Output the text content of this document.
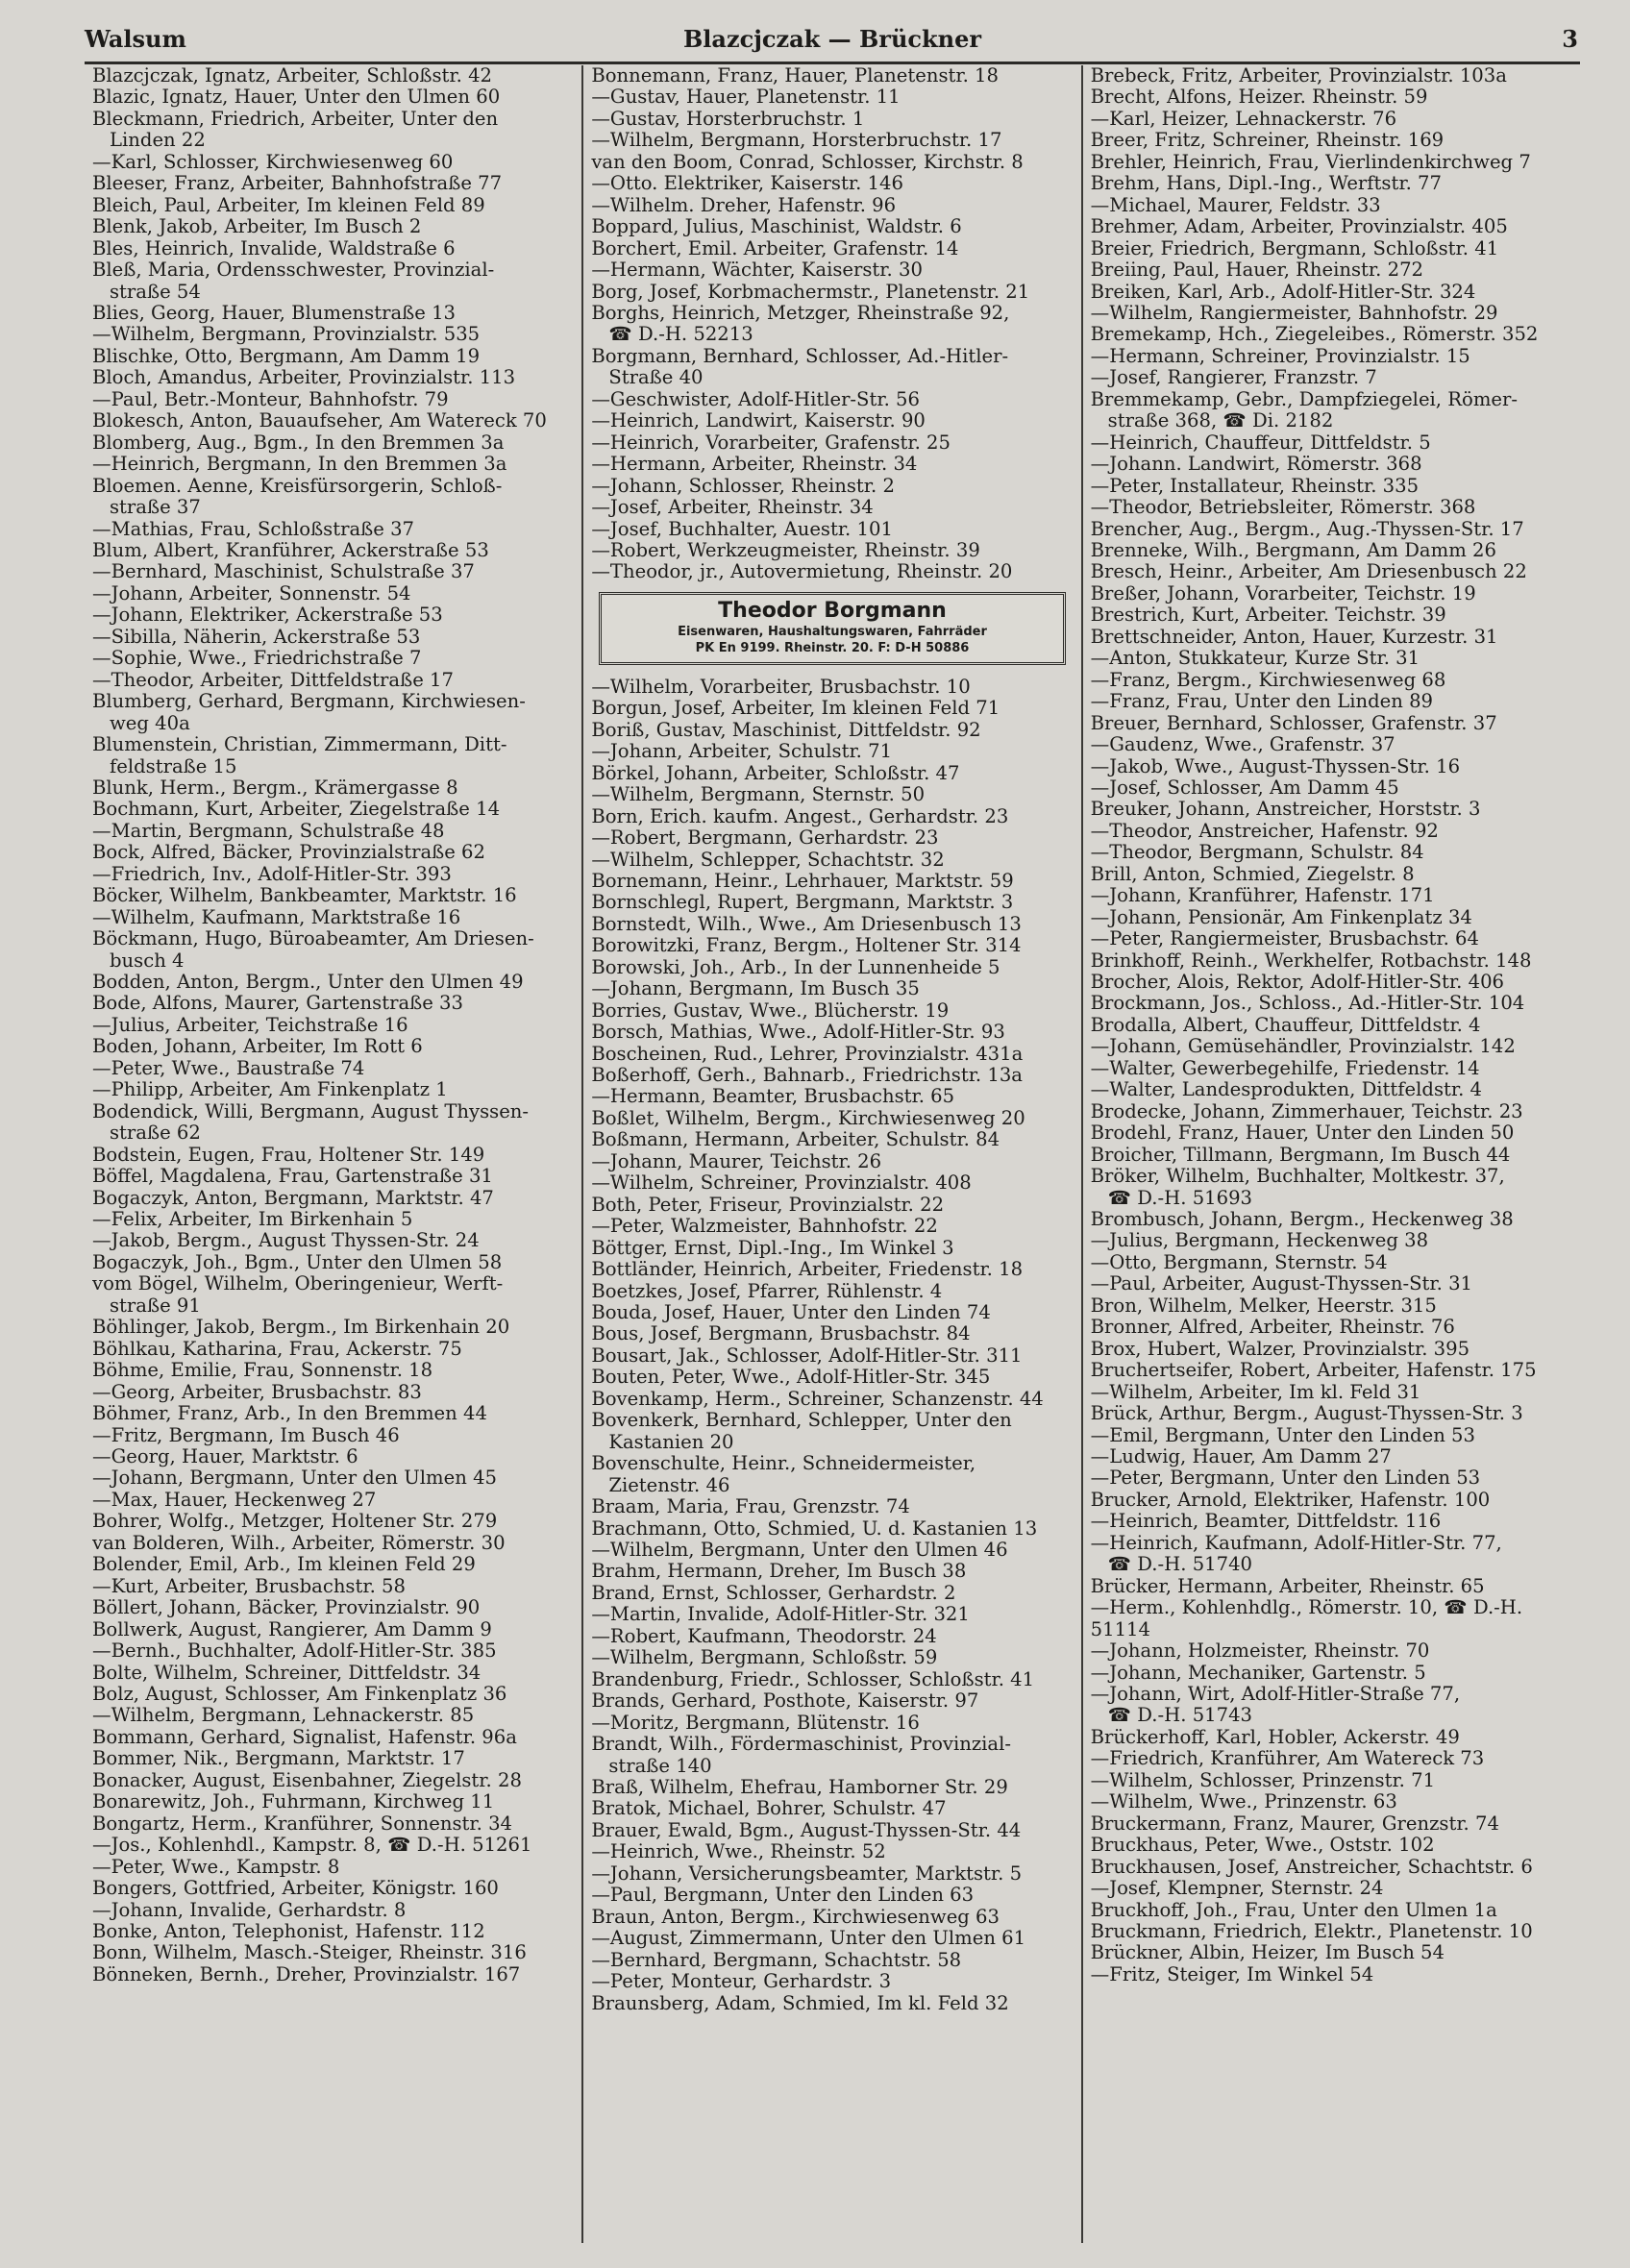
Walsum	Blazcjczak — Brückner	3
Blazcjczak, Ignatz, Arbeiter, Schloßstr. 42
Blazic, Ignatz, Hauer, Unter den Ulmen 60
Bleckmann, Friedrich, Arbeiter, Unter den
Linden 22
—Karl, Schlosser, Kirchwiesenweg 60
Bleeser, Franz, Arbeiter, Bahnhofstraße 77
Bleich, Paul, Arbeiter, Im kleinen Feld 89
Blenk, Jakob, Arbeiter, Im Busch 2
Bles, Heinrich, Invalide, Waldstraße 6
Bleß, Maria, Ordensschwester, Provinzial-
straße 54
Blies, Georg, Hauer, Blumenstraße 13
—Wilhelm, Bergmann, Provinzialstr. 535
Blischke, Otto, Bergmann, Am Damm 19
Bloch, Amandus, Arbeiter, Provinzialstr. 113
—Paul, Betr.-Monteur, Bahnhofstr. 79
Blokesch, Anton, Bauaufseher, Am Watereck 70
Blomberg, Aug., Bgm., In den Bremmen 3a
—Heinrich, Bergmann, In den Bremmen 3a
Bloemen. Aenne, Kreisfürsorgerin, Schloß-
straße 37
—Mathias, Frau, Schloßstraße 37
Blum, Albert, Kranführer, Ackerstraße 53
—Bernhard, Maschinist, Schulstraße 37
—Johann, Arbeiter, Sonnenstr. 54
—Johann, Elektriker, Ackerstraße 53
—Sibilla, Näherin, Ackerstraße 53
—Sophie, Wwe., Friedrichstraße 7
—Theodor, Arbeiter, Dittfeldstraße 17
Blumberg, Gerhard, Bergmann, Kirchwiesen-
weg 40a
Blumenstein, Christian, Zimmermann, Ditt-
feldstraße 15
Blunk, Herm., Bergm., Krämergasse 8
Bochmann, Kurt, Arbeiter, Ziegelstraße 14
—Martin, Bergmann, Schulstraße 48
Bock, Alfred, Bäcker, Provinzialstraße 62
—Friedrich, Inv., Adolf-Hitler-Str. 393
Böcker, Wilhelm, Bankbeamter, Marktstr. 16
—Wilhelm, Kaufmann, Marktstraße 16
Böckmann, Hugo, Büroabeamter, Am Driesen-
busch 4
Bodden, Anton, Bergm., Unter den Ulmen 49
Bode, Alfons, Maurer, Gartenstraße 33
—Julius, Arbeiter, Teichstraße 16
Boden, Johann, Arbeiter, Im Rott 6
—Peter, Wwe., Baustraße 74
—Philipp, Arbeiter, Am Finkenplatz 1
Bodendick, Willi, Bergmann, August Thyssen-
straße 62
Bodstein, Eugen, Frau, Holtener Str. 149
Böffel, Magdalena, Frau, Gartenstraße 31
Bogaczyk, Anton, Bergmann, Marktstr. 47
—Felix, Arbeiter, Im Birkenhain 5
—Jakob, Bergm., August Thyssen-Str. 24
Bogaczyk, Joh., Bgm., Unter den Ulmen 58
vom Bögel, Wilhelm, Oberingenieur, Werft-
straße 91
Böhlinger, Jakob, Bergm., Im Birkenhain 20
Böhlkau, Katharina, Frau, Ackerstr. 75
Böhme, Emilie, Frau, Sonnenstr. 18
—Georg, Arbeiter, Brusbachstr. 83
Böhmer, Franz, Arb., In den Bremmen 44
—Fritz, Bergmann, Im Busch 46
—Georg, Hauer, Marktstr. 6
—Johann, Bergmann, Unter den Ulmen 45
—Max, Hauer, Heckenweg 27
Bohrer, Wolfg., Metzger, Holtener Str. 279
van Bolderen, Wilh., Arbeiter, Römerstr. 30
Bolender, Emil, Arb., Im kleinen Feld 29
—Kurt, Arbeiter, Brusbachstr. 58
Böllert, Johann, Bäcker, Provinzialstr. 90
Bollwerk, August, Rangierer, Am Damm 9
—Bernh., Buchhalter, Adolf-Hitler-Str. 385
Bolte, Wilhelm, Schreiner, Dittfeldstr. 34
Bolz, August, Schlosser, Am Finkenplatz 36
—Wilhelm, Bergmann, Lehnackerstr. 85
Bommann, Gerhard, Signalist, Hafenstr. 96a
Bommer, Nik., Bergmann, Marktstr. 17
Bonacker, August, Eisenbahner, Ziegelstr. 28
Bonarewitz, Joh., Fuhrmann, Kirchweg 11
Bongartz, Herm., Kranführer, Sonnenstr. 34
—Jos., Kohlenhdl., Kampstr. 8, ☎ D.-H. 51261
—Peter, Wwe., Kampstr. 8
Bongers, Gottfried, Arbeiter, Königstr. 160
—Johann, Invalide, Gerhardstr. 8
Bonke, Anton, Telephonist, Hafenstr. 112
Bonn, Wilhelm, Masch.-Steiger, Rheinstr. 316
Bönneken, Bernh., Dreher, Provinzialstr. 167
Bonnemann, Franz, Hauer, Planetenstr. 18
—Gustav, Hauer, Planetenstr. 11
—Gustav, Horsterbruchstr. 1
—Wilhelm, Bergmann, Horsterbruchstr. 17
van den Boom, Conrad, Schlosser, Kirchstr. 8
—Otto. Elektriker, Kaiserstr. 146
—Wilhelm. Dreher, Hafenstr. 96
Boppard, Julius, Maschinist, Waldstr. 6
Borchert, Emil. Arbeiter, Grafenstr. 14
—Hermann, Wächter, Kaiserstr. 30
Borg, Josef, Korbmachermstr., Planetenstr. 21
Borghs, Heinrich, Metzger, Rheinstraße 92,
☎ D.-H. 52213
Borgmann, Bernhard, Schlosser, Ad.-Hitler-
Straße 40
—Geschwister, Adolf-Hitler-Str. 56
—Heinrich, Landwirt, Kaiserstr. 90
—Heinrich, Vorarbeiter, Grafenstr. 25
—Hermann, Arbeiter, Rheinstr. 34
—Johann, Schlosser, Rheinstr. 2
—Josef, Arbeiter, Rheinstr. 34
—Josef, Buchhalter, Auestr. 101
—Robert, Werkzeugmeister, Rheinstr. 39
—Theodor, jr., Autovermietung, Rheinstr. 20
Theodor Borgmann
Eisenwaren, Haushaltungswaren, Fahrräder
PK En 9199. Rheinstr. 20. F: D-H 50886
—Wilhelm, Vorarbeiter, Brusbachstr. 10
Borgun, Josef, Arbeiter, Im kleinen Feld 71
Boriß, Gustav, Maschinist, Dittfeldstr. 92
—Johann, Arbeiter, Schulstr. 71
Börkel, Johann, Arbeiter, Schloßstr. 47
—Wilhelm, Bergmann, Sternstr. 50
Born, Erich. kaufm. Angest., Gerhardstr. 23
—Robert, Bergmann, Gerhardstr. 23
—Wilhelm, Schlepper, Schachtstr. 32
Bornemann, Heinr., Lehrhauer, Marktstr. 59
Bornschlegl, Rupert, Bergmann, Marktstr. 3
Bornstedt, Wilh., Wwe., Am Driesenbusch 13
Borowitzki, Franz, Bergm., Holtener Str. 314
Borowski, Joh., Arb., In der Lunnenheide 5
—Johann, Bergmann, Im Busch 35
Borries, Gustav, Wwe., Blücherstr. 19
Borsch, Mathias, Wwe., Adolf-Hitler-Str. 93
Boscheinen, Rud., Lehrer, Provinzialstr. 431a
Boßerhoff, Gerh., Bahnarb., Friedrichstr. 13a
—Hermann, Beamter, Brusbachstr. 65
Boßlet, Wilhelm, Bergm., Kirchwiesenweg 20
Boßmann, Hermann, Arbeiter, Schulstr. 84
—Johann, Maurer, Teichstr. 26
—Wilhelm, Schreiner, Provinzialstr. 408
Both, Peter, Friseur, Provinzialstr. 22
—Peter, Walzmeister, Bahnhofstr. 22
Böttger, Ernst, Dipl.-Ing., Im Winkel 3
Bottländer, Heinrich, Arbeiter, Friedenstr. 18
Boetzkes, Josef, Pfarrer, Rühlenstr. 4
Bouda, Josef, Hauer, Unter den Linden 74
Bous, Josef, Bergmann, Brusbachstr. 84
Bousart, Jak., Schlosser, Adolf-Hitler-Str. 311
Bouten, Peter, Wwe., Adolf-Hitler-Str. 345
Bovenkamp, Herm., Schreiner, Schanzenstr. 44
Bovenkerk, Bernhard, Schlepper, Unter den
Kastanien 20
Bovenschulte, Heinr., Schneidermeister,
Zietenstr. 46
Braam, Maria, Frau, Grenzstr. 74
Brachmann, Otto, Schmied, U. d. Kastanien 13
—Wilhelm, Bergmann, Unter den Ulmen 46
Brahm, Hermann, Dreher, Im Busch 38
Brand, Ernst, Schlosser, Gerhardstr. 2
—Martin, Invalide, Adolf-Hitler-Str. 321
—Robert, Kaufmann, Theodorstr. 24
—Wilhelm, Bergmann, Schloßstr. 59
Brandenburg, Friedr., Schlosser, Schloßstr. 41
Brands, Gerhard, Posthote, Kaiserstr. 97
—Moritz, Bergmann, Blütenstr. 16
Brandt, Wilh., Fördermaschinist, Provinzial-
straße 140
Braß, Wilhelm, Ehefrau, Hamborner Str. 29
Bratok, Michael, Bohrer, Schulstr. 47
Brauer, Ewald, Bgm., August-Thyssen-Str. 44
—Heinrich, Wwe., Rheinstr. 52
—Johann, Versicherungsbeamter, Marktstr. 5
—Paul, Bergmann, Unter den Linden 63
Braun, Anton, Bergm., Kirchwiesenweg 63
—August, Zimmermann, Unter den Ulmen 61
—Bernhard, Bergmann, Schachtstr. 58
—Peter, Monteur, Gerhardstr. 3
Braunsberg, Adam, Schmied, Im kl. Feld 32
Brebeck, Fritz, Arbeiter, Provinzialstr. 103a
Brecht, Alfons, Heizer. Rheinstr. 59
—Karl, Heizer, Lehnackerstr. 76
Breer, Fritz, Schreiner, Rheinstr. 169
Brehler, Heinrich, Frau, Vierlindenkirchweg 7
Brehm, Hans, Dipl.-Ing., Werftstr. 77
—Michael, Maurer, Feldstr. 33
Brehmer, Adam, Arbeiter, Provinzialstr. 405
Breier, Friedrich, Bergmann, Schloßstr. 41
Breiing, Paul, Hauer, Rheinstr. 272
Breiken, Karl, Arb., Adolf-Hitler-Str. 324
—Wilhelm, Rangiermeister, Bahnhofstr. 29
Bremekamp, Hch., Ziegeleibes., Römerstr. 352
—Hermann, Schreiner, Provinzialstr. 15
—Josef, Rangierer, Franzstr. 7
Bremmekamp, Gebr., Dampfziegelei, Römer-
straße 368, ☎ Di. 2182
—Heinrich, Chauffeur, Dittfeldstr. 5
—Johann. Landwirt, Römerstr. 368
—Peter, Installateur, Rheinstr. 335
—Theodor, Betriebsleiter, Römerstr. 368
Brencher, Aug., Bergm., Aug.-Thyssen-Str. 17
Brenneke, Wilh., Bergmann, Am Damm 26
Bresch, Heinr., Arbeiter, Am Driesenbusch 22
Breßer, Johann, Vorarbeiter, Teichstr. 19
Brestrich, Kurt, Arbeiter. Teichstr. 39
Brettschneider, Anton, Hauer, Kurzestr. 31
—Anton, Stukkateur, Kurze Str. 31
—Franz, Bergm., Kirchwiesenweg 68
—Franz, Frau, Unter den Linden 89
Breuer, Bernhard, Schlosser, Grafenstr. 37
—Gaudenz, Wwe., Grafenstr. 37
—Jakob, Wwe., August-Thyssen-Str. 16
—Josef, Schlosser, Am Damm 45
Breuker, Johann, Anstreicher, Horststr. 3
—Theodor, Anstreicher, Hafenstr. 92
—Theodor, Bergmann, Schulstr. 84
Brill, Anton, Schmied, Ziegelstr. 8
—Johann, Kranführer, Hafenstr. 171
—Johann, Pensionär, Am Finkenplatz 34
—Peter, Rangiermeister, Brusbachstr. 64
Brinkhoff, Reinh., Werkhelfer, Rotbachstr. 148
Brocher, Alois, Rektor, Adolf-Hitler-Str. 406
Brockmann, Jos., Schloss., Ad.-Hitler-Str. 104
Brodalla, Albert, Chauffeur, Dittfeldstr. 4
—Johann, Gemüsehändler, Provinzialstr. 142
—Walter, Gewerbegehilfe, Friedenstr. 14
—Walter, Landesprodukten, Dittfeldstr. 4
Brodecke, Johann, Zimmerhauer, Teichstr. 23
Brodehl, Franz, Hauer, Unter den Linden 50
Broicher, Tillmann, Bergmann, Im Busch 44
Bröker, Wilhelm, Buchhalter, Moltkestr. 37,
☎ D.-H. 51693
Brombusch, Johann, Bergm., Heckenweg 38
—Julius, Bergmann, Heckenweg 38
—Otto, Bergmann, Sternstr. 54
—Paul, Arbeiter, August-Thyssen-Str. 31
Bron, Wilhelm, Melker, Heerstr. 315
Bronner, Alfred, Arbeiter, Rheinstr. 76
Brox, Hubert, Walzer, Provinzialstr. 395
Bruchertseifer, Robert, Arbeiter, Hafenstr. 175
—Wilhelm, Arbeiter, Im kl. Feld 31
Brück, Arthur, Bergm., August-Thyssen-Str. 3
—Emil, Bergmann, Unter den Linden 53
—Ludwig, Hauer, Am Damm 27
—Peter, Bergmann, Unter den Linden 53
Brucker, Arnold, Elektriker, Hafenstr. 100
—Heinrich, Beamter, Dittfeldstr. 116
—Heinrich, Kaufmann, Adolf-Hitler-Str. 77,
☎ D.-H. 51740
Brücker, Hermann, Arbeiter, Rheinstr. 65
—Herm., Kohlenhdlg., Römerstr. 10, ☎ D.-H.
51114
—Johann, Holzmeister, Rheinstr. 70
—Johann, Mechaniker, Gartenstr. 5
—Johann, Wirt, Adolf-Hitler-Straße 77,
☎ D.-H. 51743
Brückerhoff, Karl, Hobler, Ackerstr. 49
—Friedrich, Kranführer, Am Watereck 73
—Wilhelm, Schlosser, Prinzenstr. 71
—Wilhelm, Wwe., Prinzenstr. 63
Bruckermann, Franz, Maurer, Grenzstr. 74
Bruckhaus, Peter, Wwe., Oststr. 102
Bruckhausen, Josef, Anstreicher, Schachtstr. 6
—Josef, Klempner, Sternstr. 24
Bruckhoff, Joh., Frau, Unter den Ulmen 1a
Bruckmann, Friedrich, Elektr., Planetenstr. 10
Brückner, Albin, Heizer, Im Busch 54
—Fritz, Steiger, Im Winkel 54
